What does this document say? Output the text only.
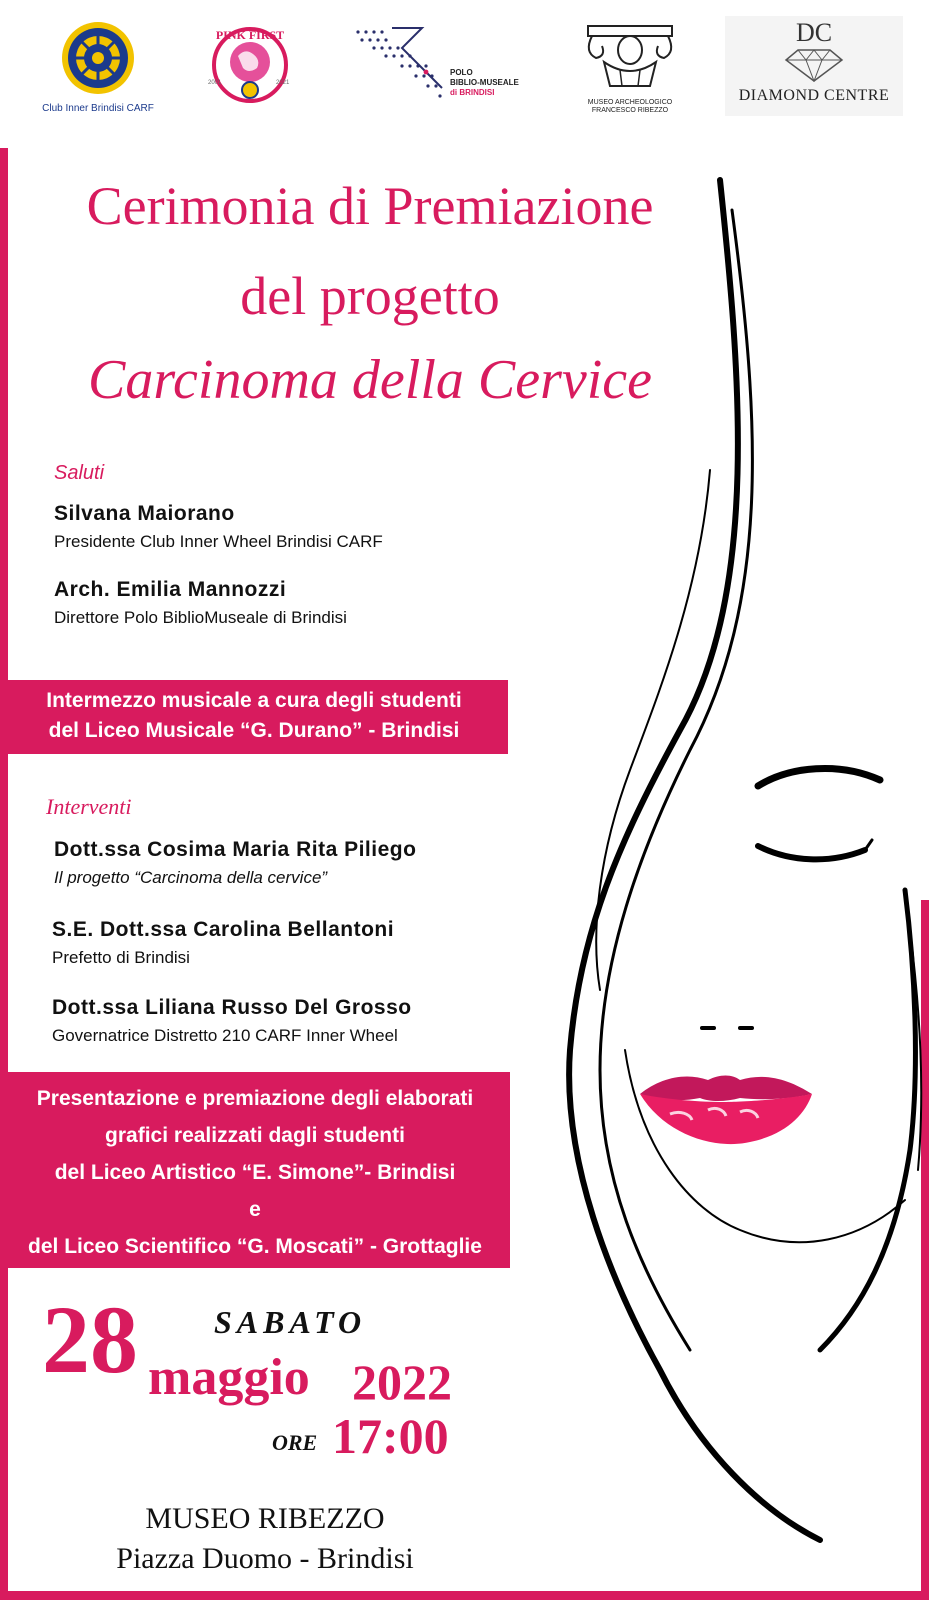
Club Inner Brindisi CARF
PINK FIRST
2001	2021
POLO
BIBLIO-MUSEALE
di BRINDISI
MUSEO ARCHEOLOGICO
FRANCESCO RIBEZZO
DC
DIAMOND CENTRE
Cerimonia di Premiazione
del progetto
Carcinoma della Cervice
Saluti
Silvana Maiorano
Presidente Club Inner Wheel Brindisi CARF
Arch. Emilia Mannozzi
Direttore Polo BiblioMuseale di Brindisi
Intermezzo musicale a cura degli studenti
del Liceo Musicale “G. Durano” - Brindisi
Interventi
Dott.ssa Cosima Maria Rita Piliego
Il progetto “Carcinoma della cervice”
S.E. Dott.ssa Carolina Bellantoni
Prefetto di Brindisi
Dott.ssa Liliana Russo Del Grosso
Governatrice Distretto 210 CARF Inner Wheel
Presentazione e premiazione degli elaborati
grafici realizzati dagli studenti
del Liceo Artistico “E. Simone”- Brindisi
e
del Liceo Scientifico “G. Moscati” - Grottaglie
28 SABATO
maggio 2022
ORE 17:00
MUSEO RIBEZZO
Piazza Duomo - Brindisi
